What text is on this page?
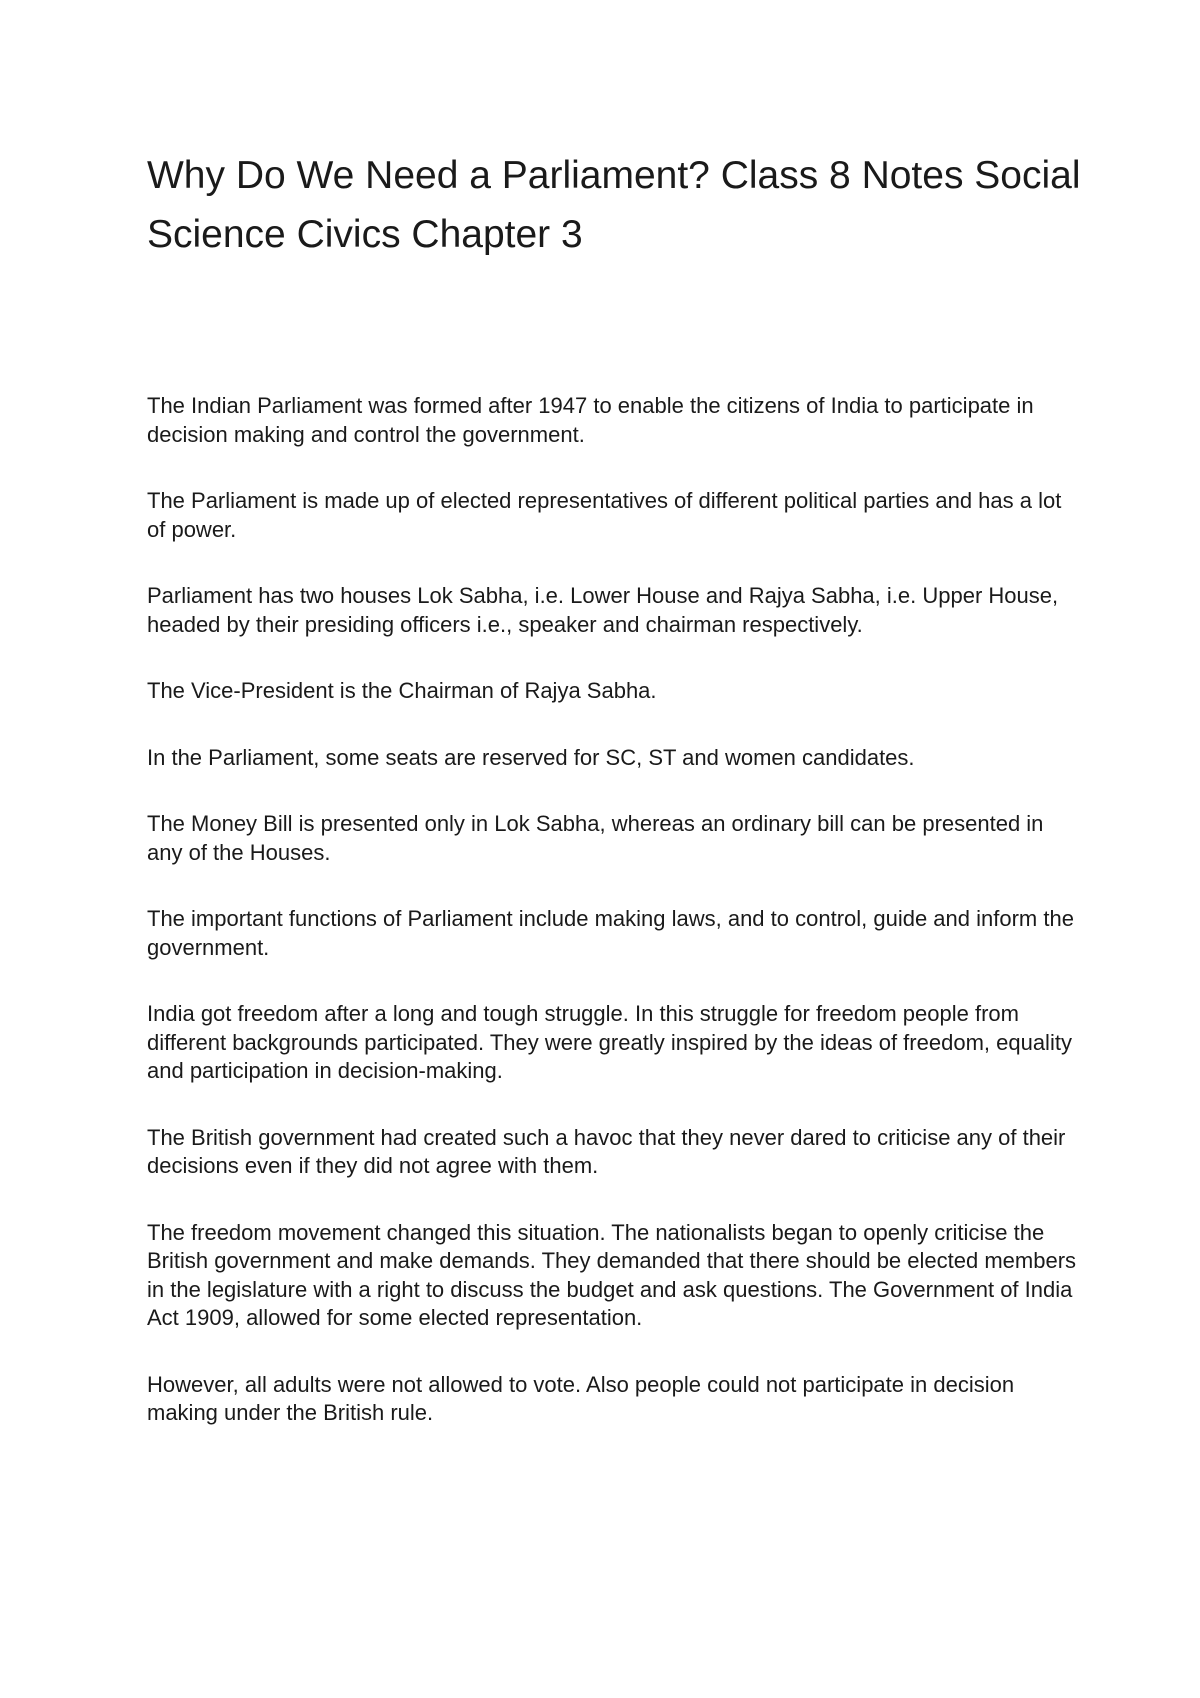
Why Do We Need a Parliament? Class 8 Notes Social Science Civics Chapter 3

The Indian Parliament was formed after 1947 to enable the citizens of India to participate in decision making and control the government.

The Parliament is made up of elected representatives of different political parties and has a lot of power.

Parliament has two houses Lok Sabha, i.e. Lower House and Rajya Sabha, i.e. Upper House, headed by their presiding officers i.e., speaker and chairman respectively.

The Vice-President is the Chairman of Rajya Sabha.

In the Parliament, some seats are reserved for SC, ST and women candidates.

The Money Bill is presented only in Lok Sabha, whereas an ordinary bill can be presented in any of the Houses.

The important functions of Parliament include making laws, and to control, guide and inform the government.

India got freedom after a long and tough struggle. In this struggle for freedom people from different backgrounds participated. They were greatly inspired by the ideas of freedom, equality and participation in decision-making.

The British government had created such a havoc that they never dared to criticise any of their decisions even if they did not agree with them.

The freedom movement changed this situation. The nationalists began to openly criticise the British government and make demands. They demanded that there should be elected members in the legislature with a right to discuss the budget and ask questions. The Government of India Act 1909, allowed for some elected representation.

However, all adults were not allowed to vote. Also people could not participate in decision making under the British rule.
